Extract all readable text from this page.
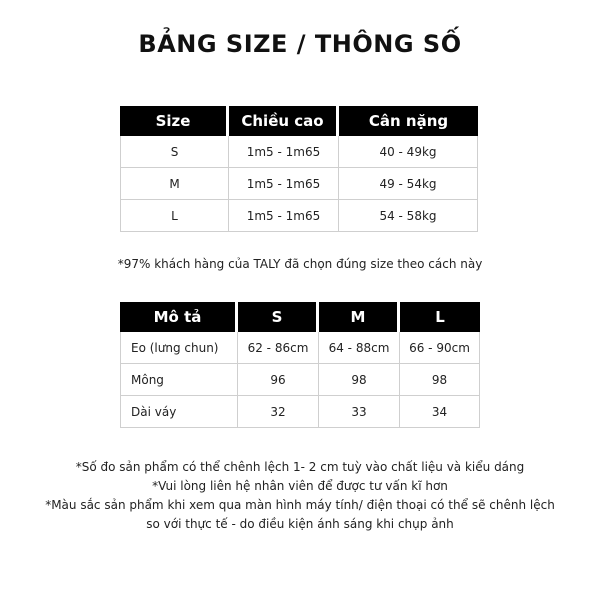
BẢNG SIZE / THÔNG SỐ
Size	Chiều cao	Cân nặng
S	1m5 - 1m65	40 - 49kg
M	1m5 - 1m65	49 - 54kg
L	1m5 - 1m65	54 - 58kg
*97% khách hàng của TALY đã chọn đúng size theo cách này
Mô tả	S	M	L
Eo (lưng chun)	62 - 86cm	64 - 88cm	66 - 90cm
Mông	96	98	98
Dài váy	32	33	34
*Số đo sản phẩm có thể chênh lệch 1- 2 cm tuỳ vào chất liệu và kiểu dáng
*Vui lòng liên hệ nhân viên để được tư vấn kĩ hơn
*Màu sắc sản phẩm khi xem qua màn hình máy tính/ điện thoại có thể sẽ chênh lệch so với thực tế - do điều kiện ánh sáng khi chụp ảnh
